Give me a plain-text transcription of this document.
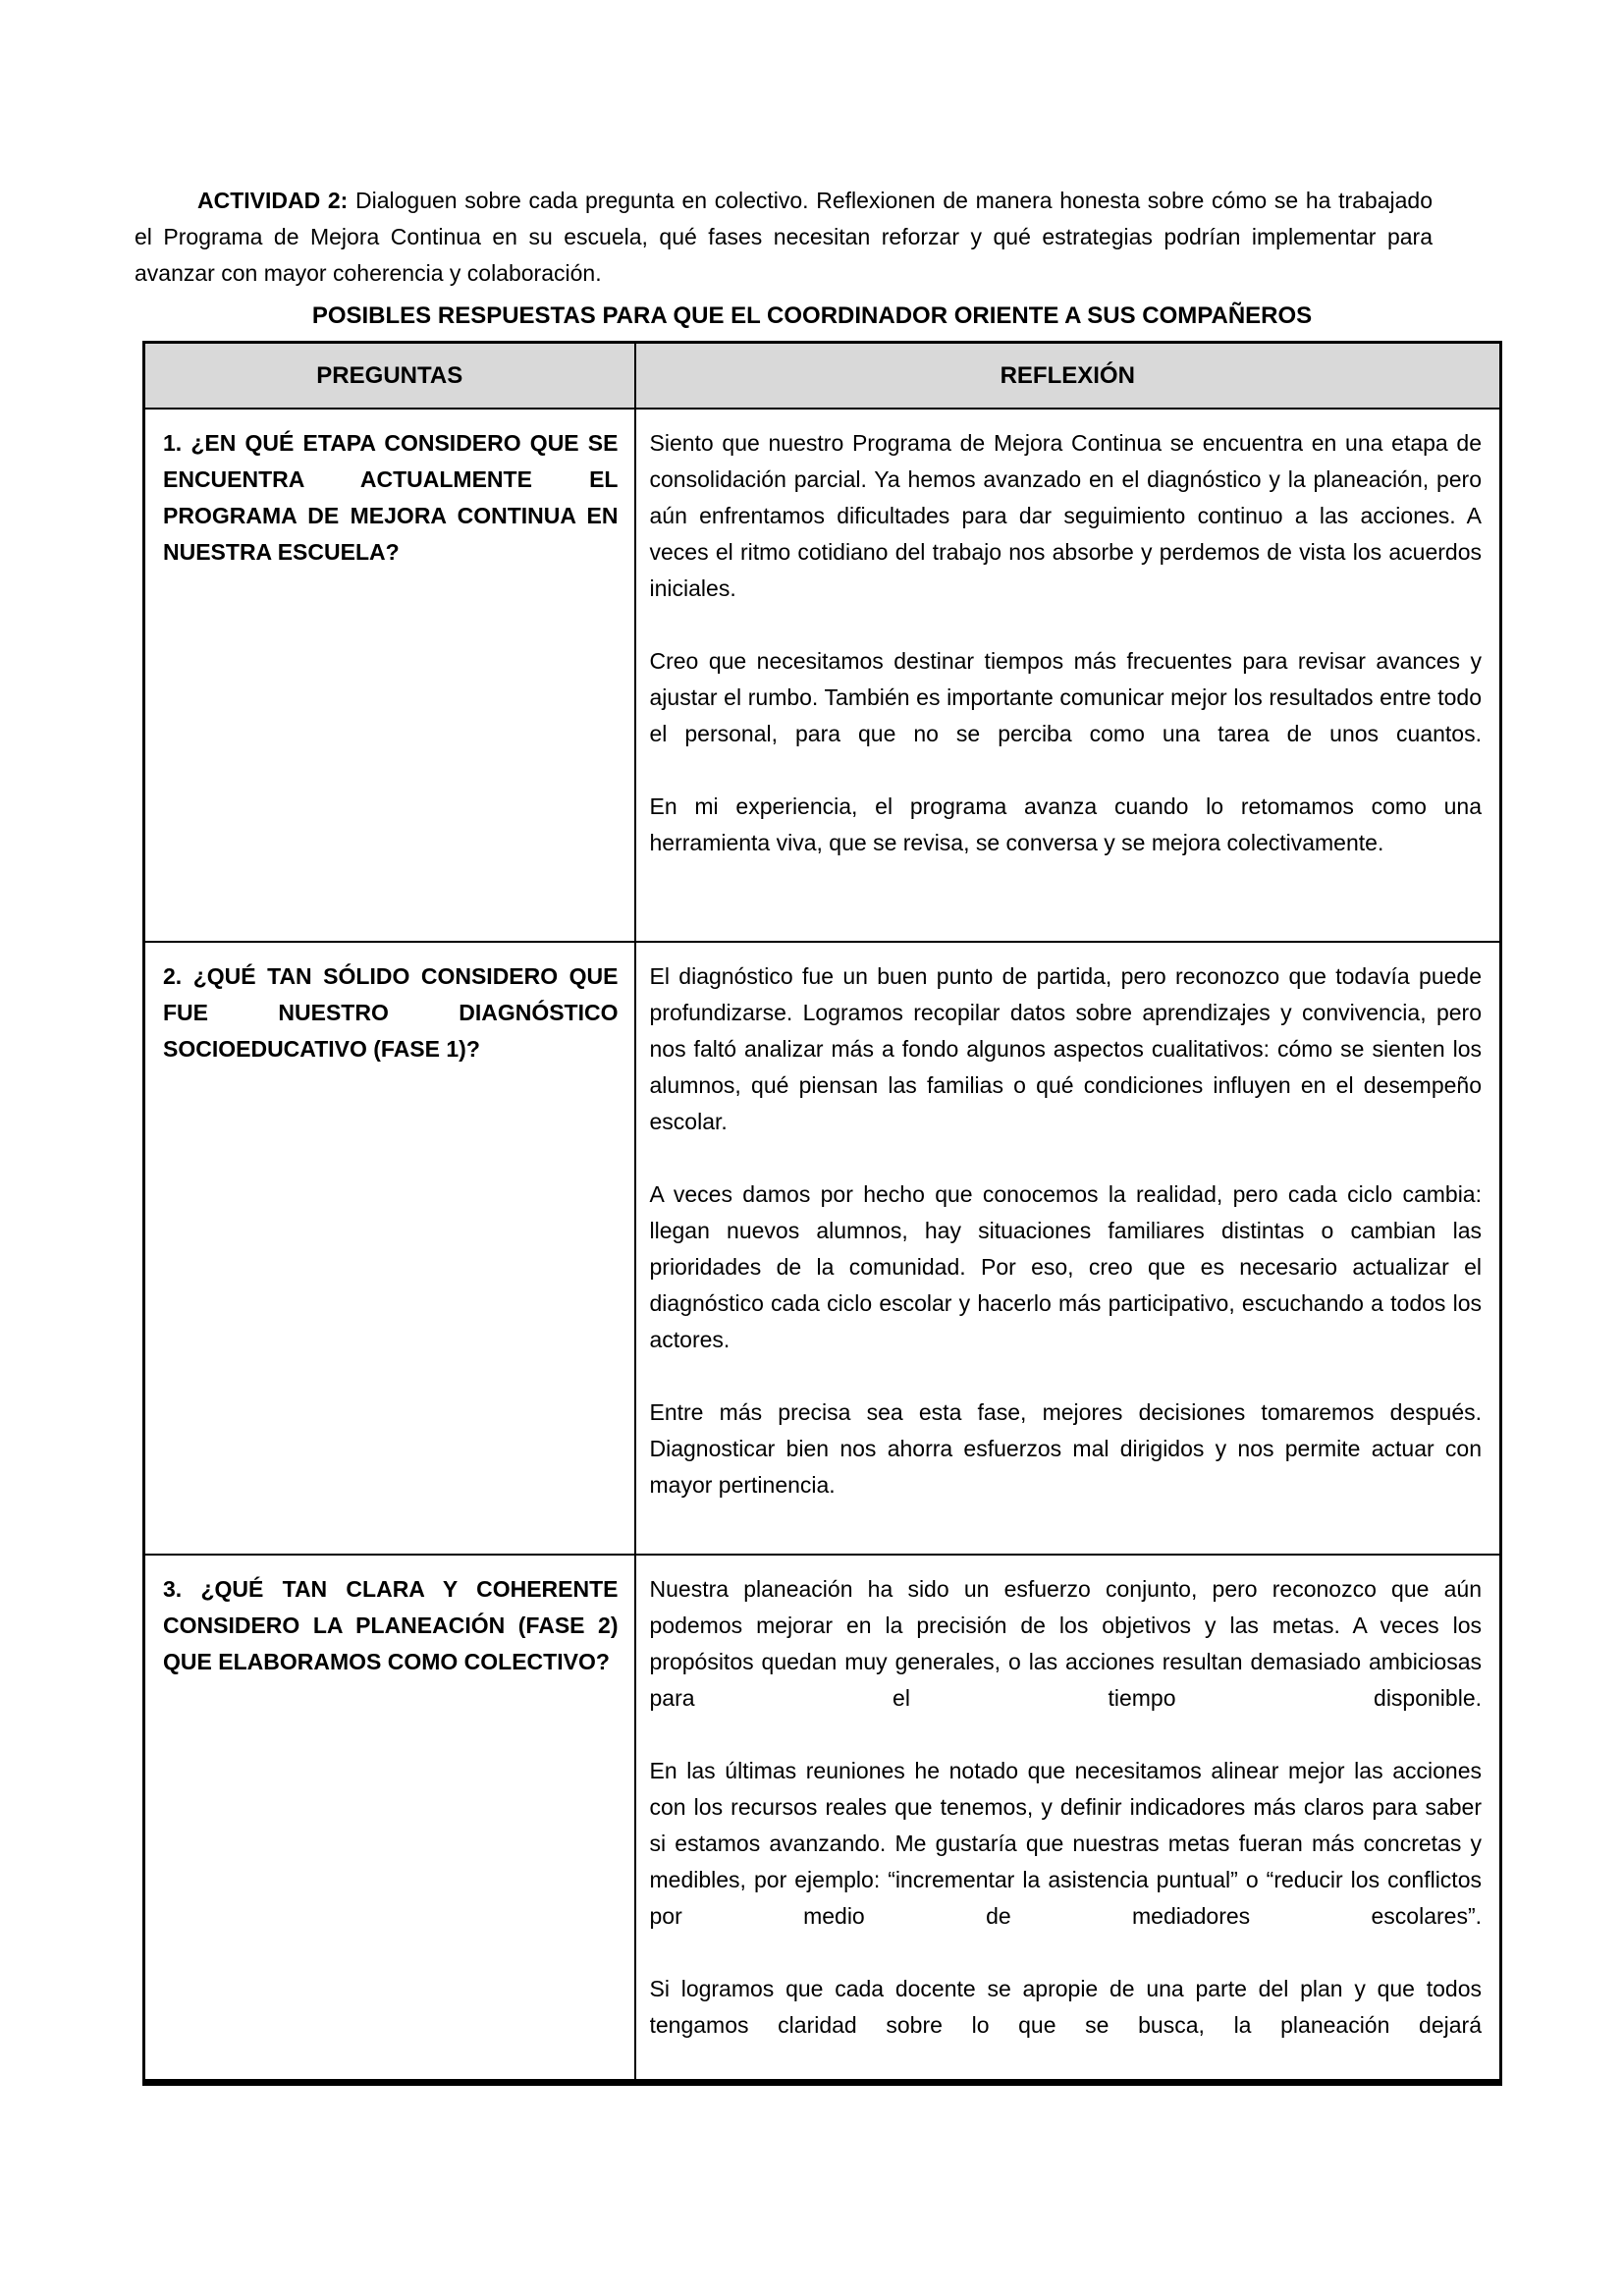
ACTIVIDAD 2: Dialoguen sobre cada pregunta en colectivo. Reflexionen de manera honesta sobre cómo se ha trabajado el Programa de Mejora Continua en su escuela, qué fases necesitan reforzar y qué estrategias podrían implementar para avanzar con mayor coherencia y colaboración.

POSIBLES RESPUESTAS PARA QUE EL COORDINADOR ORIENTE A SUS COMPAÑEROS

PREGUNTAS	REFLEXIÓN

1. ¿EN QUÉ ETAPA CONSIDERO QUE SE ENCUENTRA ACTUALMENTE EL PROGRAMA DE MEJORA CONTINUA EN NUESTRA ESCUELA?	Siento que nuestro Programa de Mejora Continua se encuentra en una etapa de consolidación parcial. Ya hemos avanzado en el diagnóstico y la planeación, pero aún enfrentamos dificultades para dar seguimiento continuo a las acciones. A veces el ritmo cotidiano del trabajo nos absorbe y perdemos de vista los acuerdos iniciales.

Creo que necesitamos destinar tiempos más frecuentes para revisar avances y ajustar el rumbo. También es importante comunicar mejor los resultados entre todo el personal, para que no se perciba como una tarea de unos cuantos.

En mi experiencia, el programa avanza cuando lo retomamos como una herramienta viva, que se revisa, se conversa y se mejora colectivamente.

2. ¿QUÉ TAN SÓLIDO CONSIDERO QUE FUE NUESTRO DIAGNÓSTICO SOCIOEDUCATIVO (FASE 1)?	El diagnóstico fue un buen punto de partida, pero reconozco que todavía puede profundizarse. Logramos recopilar datos sobre aprendizajes y convivencia, pero nos faltó analizar más a fondo algunos aspectos cualitativos: cómo se sienten los alumnos, qué piensan las familias o qué condiciones influyen en el desempeño escolar.

A veces damos por hecho que conocemos la realidad, pero cada ciclo cambia: llegan nuevos alumnos, hay situaciones familiares distintas o cambian las prioridades de la comunidad. Por eso, creo que es necesario actualizar el diagnóstico cada ciclo escolar y hacerlo más participativo, escuchando a todos los actores.

Entre más precisa sea esta fase, mejores decisiones tomaremos después. Diagnosticar bien nos ahorra esfuerzos mal dirigidos y nos permite actuar con mayor pertinencia.

3. ¿QUÉ TAN CLARA Y COHERENTE CONSIDERO LA PLANEACIÓN (FASE 2) QUE ELABORAMOS COMO COLECTIVO?	Nuestra planeación ha sido un esfuerzo conjunto, pero reconozco que aún podemos mejorar en la precisión de los objetivos y las metas. A veces los propósitos quedan muy generales, o las acciones resultan demasiado ambiciosas para el tiempo disponible.

En las últimas reuniones he notado que necesitamos alinear mejor las acciones con los recursos reales que tenemos, y definir indicadores más claros para saber si estamos avanzando. Me gustaría que nuestras metas fueran más concretas y medibles, por ejemplo: “incrementar la asistencia puntual” o “reducir los conflictos por medio de mediadores escolares”.

Si logramos que cada docente se apropie de una parte del plan y que todos tengamos claridad sobre lo que se busca, la planeación dejará
